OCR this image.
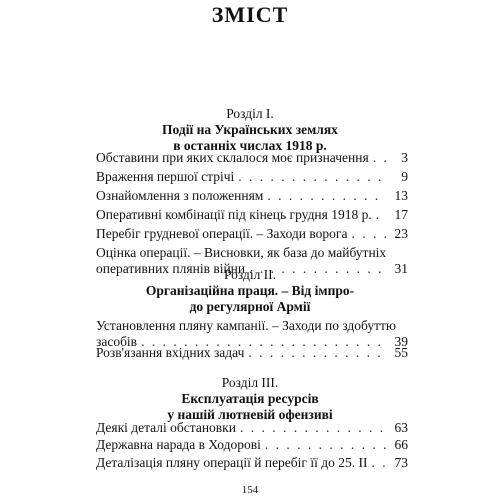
ЗМІСТ
Розділ І.
Події на Українських землях
в останніх числах 1918 р.
Обставини при яких склалося моє призначення . . .	3
Враження першої стрічі . . .	9
Ознайомлення з положенням . . .	13
Оперативні комбінації під кінець грудня 1918 р. . . .	17
Перебіг грудневої операції. – Заходи ворога . . .	23
Оцінка операції. – Висновки, як база до майбутніх
оперативних плянів війни . . .	31
Розділ II.
Організаційна праця. – Від імпро-
до регулярної Армії
Установлення пляну кампанії. – Заходи по здобуттю
засобів . . .	39
Розв'язання вхідних задач . . .	55
Розділ III.
Експлуатація ресурсів
у нашій лютневій офензиві
Деякі деталі обстановки . . .	63
Державна нарада в Ходорові . . .	66
Деталізація пляну операції й перебіг її до 25. II . . .	73
154
